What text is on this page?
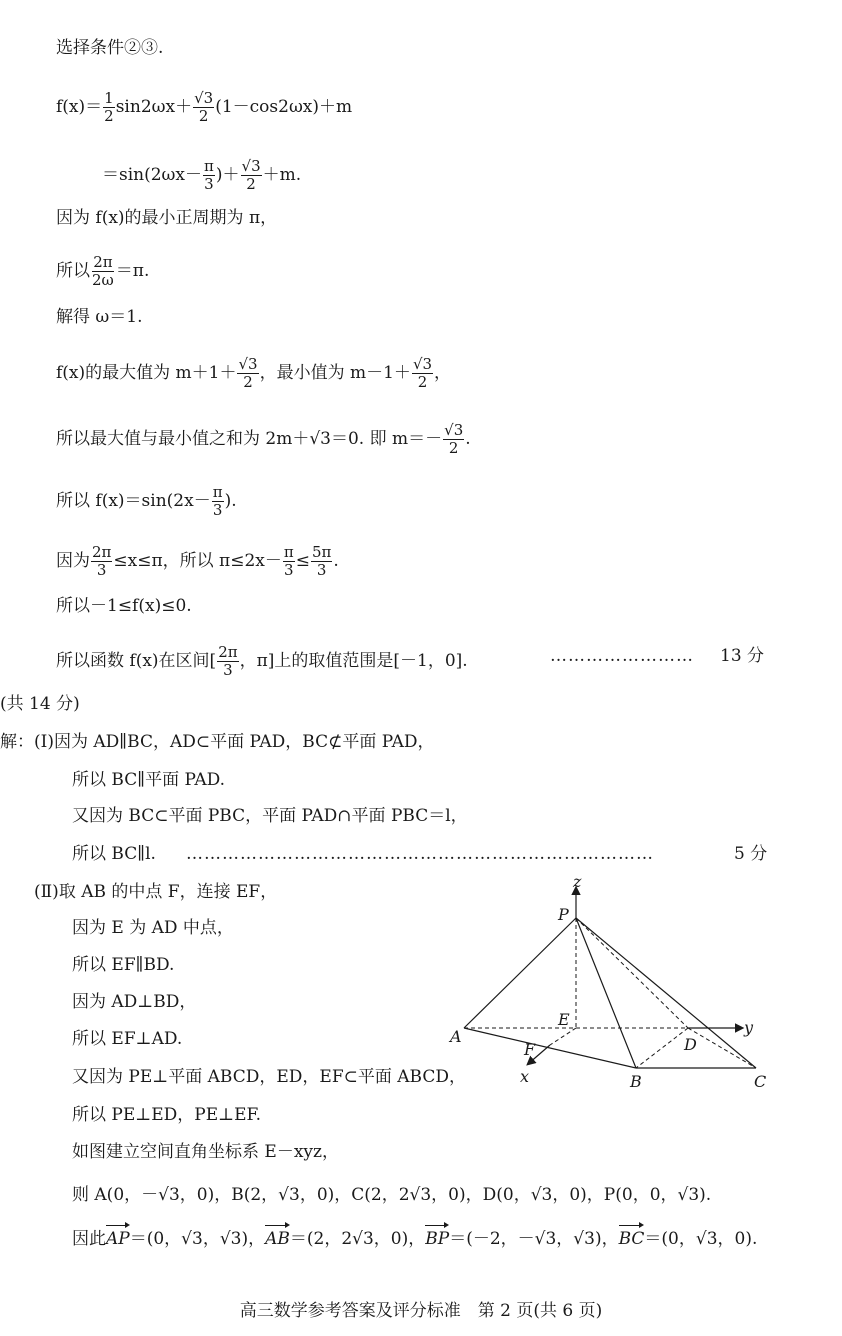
选择条件②③.
$f(x)= \frac{1}{2} \sin 2\omega x+ \frac{√3}{2} (1-\cos 2\omega x)+m$
$=\sin(2\omega x- \frac{\pi}{3}$ )＋ $\frac{√3}{2} +m$.
因为 f(x)的最小正周期为 π，
所以 $\frac{2\pi}{2\omega} =\pi$.
解得 ω＝1.
f(x)的最大值为 $m+1+ \frac{√3}{2}$ ，最小值为 $m-1+ \frac{√3}{2}$ ，
所以最大值与最小值之和为 2m＋√3＝0. 即 $m=- \frac{√3}{2}$ .
所以 $f(x)=\sin(2x- \frac{\pi}{3}$ ).
因为 $\frac{2\pi}{3} \le x\le\pi$，所以 $\pi\le 2x- \frac{\pi}{3} \le \frac{5\pi}{3}$ .
所以－1≤f(x)≤0.
所以函数 f(x)在区间[ $\frac{2\pi}{3}$ ，π]上的取值范围是[－1，0].	…………………… 13 分
(共 14 分)
解：(Ⅰ)因为 AD∥BC，AD⊂平面 PAD，BC⊄平面 PAD，
所以 BC∥平面 PAD.
又因为 BC⊂平面 PBC，平面 PAD∩平面 PBC＝l，
所以 BC∥l. ……………………………………………………………………	5 分
(Ⅱ)取 AB 的中点 F，连接 EF，
因为 E 为 AD 中点，
所以 EF∥BD.
因为 AD⊥BD，
所以 EF⊥AD.
又因为 PE⊥平面 ABCD，ED，EF⊂平面 ABCD，
所以 PE⊥ED，PE⊥EF.
如图建立空间直角坐标系 E－xyz，
则 A(0，－√3，0)，B(2，√3，0)，C(2，2√3，0)，D(0，√3，0)，P(0，0，√3).
因此AP＝(0，√3，√3)，AB＝(2，2√3，0)，BP＝(－2，－√3，√3)，BC＝(0，√3，0).
z
P
E	y
A	D
F
x	B	C
高三数学参考答案及评分标准　第 2 页(共 6 页)
